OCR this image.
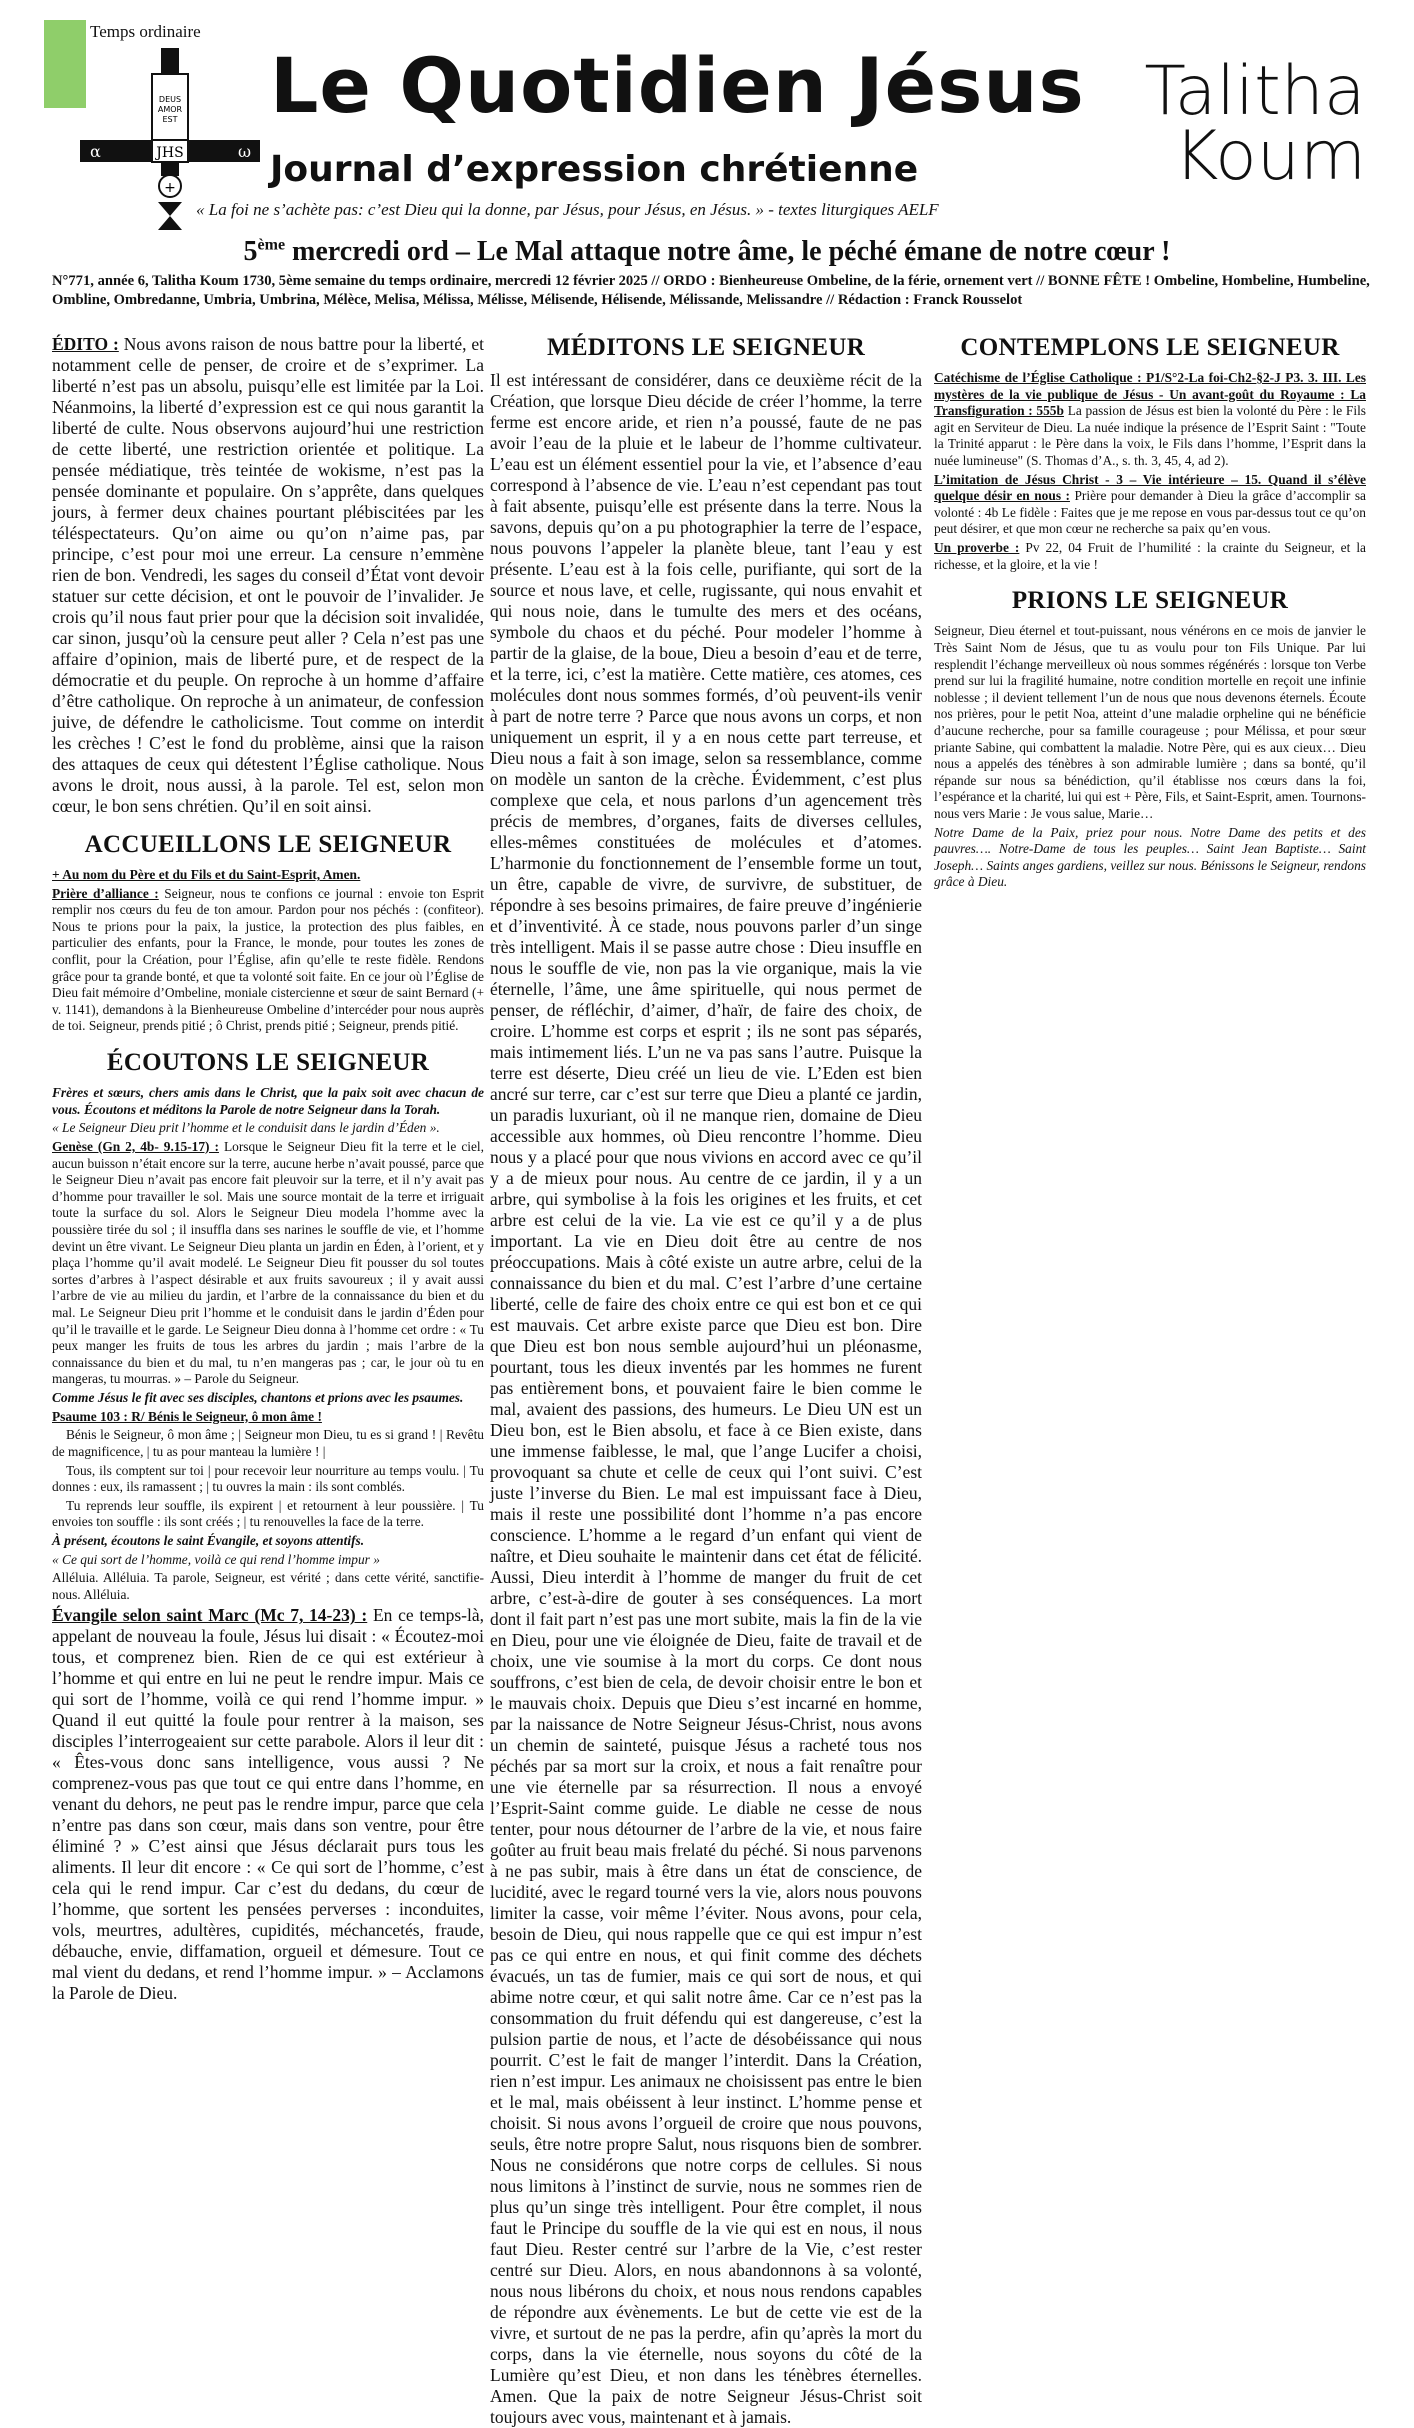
Temps ordinaire
DEUS
AMOR
EST
α	JHS	ω
+
Le Quotidien Jésus
Journal d’expression chrétienne
« La foi ne s’achète pas: c’est Dieu qui la donne, par Jésus, pour Jésus, en Jésus. » - textes liturgiques AELF
Talitha
Koum
5ème mercredi ord – Le Mal attaque notre âme, le péché émane de notre cœur !
N°771, année 6, Talitha Koum 1730, 5ème semaine du temps ordinaire, mercredi 12 février 2025 // ORDO : Bienheureuse Ombeline, de la férie, ornement vert // BONNE FÊTE ! Ombeline, Hombeline, Humbeline, Ombline, Ombredanne, Umbria, Umbrina, Mélèce, Melisa, Mélissa, Mélisse, Mélisende, Hélisende, Mélissande, Melissandre // Rédaction : Franck Rousselot

ÉDITO : Nous avons raison de nous battre pour la liberté, et notamment celle de penser, de croire et de s’exprimer. La liberté n’est pas un absolu, puisqu’elle est limitée par la Loi. Néanmoins, la liberté d’expression est ce qui nous garantit la liberté de culte. Nous observons aujourd’hui une restriction de cette liberté, une restriction orientée et politique. La pensée médiatique, très teintée de wokisme, n’est pas la pensée dominante et populaire. On s’apprête, dans quelques jours, à fermer deux chaines pourtant plébiscitées par les téléspectateurs. Qu’on aime ou qu’on n’aime pas, par principe, c’est pour moi une erreur. La censure n’emmène rien de bon. Vendredi, les sages du conseil d’État vont devoir statuer sur cette décision, et ont le pouvoir de l’invalider. Je crois qu’il nous faut prier pour que la décision soit invalidée, car sinon, jusqu’où la censure peut aller ? Cela n’est pas une affaire d’opinion, mais de liberté pure, et de respect de la démocratie et du peuple. On reproche à un homme d’affaire d’être catholique. On reproche à un animateur, de confession juive, de défendre le catholicisme. Tout comme on interdit les crèches ! C’est le fond du problème, ainsi que la raison des attaques de ceux qui détestent l’Église catholique. Nous avons le droit, nous aussi, à la parole. Tel est, selon mon cœur, le bon sens chrétien. Qu’il en soit ainsi.

ACCUEILLONS LE SEIGNEUR

+ Au nom du Père et du Fils et du Saint-Esprit, Amen.

Prière d’alliance : Seigneur, nous te confions ce journal : envoie ton Esprit remplir nos cœurs du feu de ton amour. Pardon pour nos péchés : (confiteor). Nous te prions pour la paix, la justice, la protection des plus faibles, en particulier des enfants, pour la France, le monde, pour toutes les zones de conflit, pour la Création, pour l’Église, afin qu’elle te reste fidèle. Rendons grâce pour ta grande bonté, et que ta volonté soit faite. En ce jour où l’Église de Dieu fait mémoire d’Ombeline, moniale cistercienne et sœur de saint Bernard (+ v. 1141), demandons à la Bienheureuse Ombeline d’intercéder pour nous auprès de toi. Seigneur, prends pitié ; ô Christ, prends pitié ; Seigneur, prends pitié.

ÉCOUTONS LE SEIGNEUR

Frères et sœurs, chers amis dans le Christ, que la paix soit avec chacun de vous. Écoutons et méditons la Parole de notre Seigneur dans la Torah.

« Le Seigneur Dieu prit l’homme et le conduisit dans le jardin d’Éden ».

Genèse (Gn 2, 4b- 9.15-17) : Lorsque le Seigneur Dieu fit la terre et le ciel, aucun buisson n’était encore sur la terre, aucune herbe n’avait poussé, parce que le Seigneur Dieu n’avait pas encore fait pleuvoir sur la terre, et il n’y avait pas d’homme pour travailler le sol. Mais une source montait de la terre et irriguait toute la surface du sol. Alors le Seigneur Dieu modela l’homme avec la poussière tirée du sol ; il insuffla dans ses narines le souffle de vie, et l’homme devint un être vivant. Le Seigneur Dieu planta un jardin en Éden, à l’orient, et y plaça l’homme qu’il avait modelé. Le Seigneur Dieu fit pousser du sol toutes sortes d’arbres à l’aspect désirable et aux fruits savoureux ; il y avait aussi l’arbre de vie au milieu du jardin, et l’arbre de la connaissance du bien et du mal. Le Seigneur Dieu prit l’homme et le conduisit dans le jardin d’Éden pour qu’il le travaille et le garde. Le Seigneur Dieu donna à l’homme cet ordre : « Tu peux manger les fruits de tous les arbres du jardin ; mais l’arbre de la connaissance du bien et du mal, tu n’en mangeras pas ; car, le jour où tu en mangeras, tu mourras. » – Parole du Seigneur.

Comme Jésus le fit avec ses disciples, chantons et prions avec les psaumes.

Psaume 103 : R/ Bénis le Seigneur, ô mon âme !

Bénis le Seigneur, ô mon âme ; | Seigneur mon Dieu, tu es si grand ! | Revêtu de magnificence, | tu as pour manteau la lumière ! |

Tous, ils comptent sur toi | pour recevoir leur nourriture au temps voulu. | Tu donnes : eux, ils ramassent ; | tu ouvres la main : ils sont comblés.

Tu reprends leur souffle, ils expirent | et retournent à leur poussière. | Tu envoies ton souffle : ils sont créés ; | tu renouvelles la face de la terre.

À présent, écoutons le saint Évangile, et soyons attentifs.

« Ce qui sort de l’homme, voilà ce qui rend l’homme impur »

Alléluia. Alléluia. Ta parole, Seigneur, est vérité ; dans cette vérité, sanctifie-nous. Alléluia.

Évangile selon saint Marc (Mc 7, 14-23) : En ce temps-là, appelant de nouveau la foule, Jésus lui disait : « Écoutez-moi tous, et comprenez bien. Rien de ce qui est extérieur à l’homme et qui entre en lui ne peut le rendre impur. Mais ce qui sort de l’homme, voilà ce qui rend l’homme impur. » Quand il eut quitté la foule pour rentrer à la maison, ses disciples l’interrogeaient sur cette parabole. Alors il leur dit : « Êtes-vous donc sans intelligence, vous aussi ? Ne comprenez-vous pas que tout ce qui entre dans l’homme, en venant du dehors, ne peut pas le rendre impur, parce que cela n’entre pas dans son cœur, mais dans son ventre, pour être éliminé ? » C’est ainsi que Jésus déclarait purs tous les aliments. Il leur dit encore : « Ce qui sort de l’homme, c’est cela qui le rend impur. Car c’est du dedans, du cœur de l’homme, que sortent les pensées perverses : inconduites, vols, meurtres, adultères, cupidités, méchancetés, fraude, débauche, envie, diffamation, orgueil et démesure. Tout ce mal vient du dedans, et rend l’homme impur. » – Acclamons la Parole de Dieu.

MÉDITONS LE SEIGNEUR

Il est intéressant de considérer, dans ce deuxième récit de la Création, que lorsque Dieu décide de créer l’homme, la terre ferme est encore aride, et rien n’a poussé, faute de ne pas avoir l’eau de la pluie et le labeur de l’homme cultivateur. L’eau est un élément essentiel pour la vie, et l’absence d’eau correspond à l’absence de vie. L’eau n’est cependant pas tout à fait absente, puisqu’elle est présente dans la terre. Nous la savons, depuis qu’on a pu photographier la terre de l’espace, nous pouvons l’appeler la planète bleue, tant l’eau y est présente. L’eau est à la fois celle, purifiante, qui sort de la source et nous lave, et celle, rugissante, qui nous envahit et qui nous noie, dans le tumulte des mers et des océans, symbole du chaos et du péché. Pour modeler l’homme à partir de la glaise, de la boue, Dieu a besoin d’eau et de terre, et la terre, ici, c’est la matière. Cette matière, ces atomes, ces molécules dont nous sommes formés, d’où peuvent-ils venir à part de notre terre ? Parce que nous avons un corps, et non uniquement un esprit, il y a en nous cette part terreuse, et Dieu nous a fait à son image, selon sa ressemblance, comme on modèle un santon de la crèche. Évidemment, c’est plus complexe que cela, et nous parlons d’un agencement très précis de membres, d’organes, faits de diverses cellules, elles-mêmes constituées de molécules et d’atomes. L’harmonie du fonctionnement de l’ensemble forme un tout, un être, capable de vivre, de survivre, de substituer, de répondre à ses besoins primaires, de faire preuve d’ingénierie et d’inventivité. À ce stade, nous pouvons parler d’un singe très intelligent. Mais il se passe autre chose : Dieu insuffle en nous le souffle de vie, non pas la vie organique, mais la vie éternelle, l’âme, une âme spirituelle, qui nous permet de penser, de réfléchir, d’aimer, d’haïr, de faire des choix, de croire. L’homme est corps et esprit ; ils ne sont pas séparés, mais intimement liés. L’un ne va pas sans l’autre. Puisque la terre est déserte, Dieu créé un lieu de vie. L’Eden est bien ancré sur terre, car c’est sur terre que Dieu a planté ce jardin, un paradis luxuriant, où il ne manque rien, domaine de Dieu accessible aux hommes, où Dieu rencontre l’homme. Dieu nous y a placé pour que nous vivions en accord avec ce qu’il y a de mieux pour nous. Au centre de ce jardin, il y a un arbre, qui symbolise à la fois les origines et les fruits, et cet arbre est celui de la vie. La vie est ce qu’il y a de plus important. La vie en Dieu doit être au centre de nos préoccupations. Mais à côté existe un autre arbre, celui de la connaissance du bien et du mal. C’est l’arbre d’une certaine liberté, celle de faire des choix entre ce qui est bon et ce qui est mauvais. Cet arbre existe parce que Dieu est bon. Dire que Dieu est bon nous semble aujourd’hui un pléonasme, pourtant, tous les dieux inventés par les hommes ne furent pas entièrement bons, et pouvaient faire le bien comme le mal, avaient des passions, des humeurs. Le Dieu UN est un Dieu bon, est le Bien absolu, et face à ce Bien existe, dans une immense faiblesse, le mal, que l’ange Lucifer a choisi, provoquant sa chute et celle de ceux qui l’ont suivi. C’est juste l’inverse du Bien. Le mal est impuissant face à Dieu, mais il reste une possibilité dont l’homme n’a pas encore conscience. L’homme a le regard d’un enfant qui vient de naître, et Dieu souhaite le maintenir dans cet état de félicité. Aussi, Dieu interdit à l’homme de manger du fruit de cet arbre, c’est-à-dire de gouter à ses conséquences. La mort dont il fait part n’est pas une mort subite, mais la fin de la vie en Dieu, pour une vie éloignée de Dieu, faite de travail et de choix, une vie soumise à la mort du corps. Ce dont nous souffrons, c’est bien de cela, de devoir choisir entre le bon et le mauvais choix. Depuis que Dieu s’est incarné en homme, par la naissance de Notre Seigneur Jésus-Christ, nous avons un chemin de sainteté, puisque Jésus a racheté tous nos péchés par sa mort sur la croix, et nous a fait renaître pour une vie éternelle par sa résurrection. Il nous a envoyé l’Esprit-Saint comme guide. Le diable ne cesse de nous tenter, pour nous détourner de l’arbre de la vie, et nous faire goûter au fruit beau mais frelaté du péché. Si nous parvenons à ne pas subir, mais à être dans un état de conscience, de lucidité, avec le regard tourné vers la vie, alors nous pouvons limiter la casse, voir même l’éviter. Nous avons, pour cela, besoin de Dieu, qui nous rappelle que ce qui est impur n’est pas ce qui entre en nous, et qui finit comme des déchets évacués, un tas de fumier, mais ce qui sort de nous, et qui abime notre cœur, et qui salit notre âme. Car ce n’est pas la consommation du fruit défendu qui est dangereuse, c’est la pulsion partie de nous, et l’acte de désobéissance qui nous pourrit. C’est le fait de manger l’interdit. Dans la Création, rien n’est impur. Les animaux ne choisissent pas entre le bien et le mal, mais obéissent à leur instinct. L’homme pense et choisit. Si nous avons l’orgueil de croire que nous pouvons, seuls, être notre propre Salut, nous risquons bien de sombrer. Nous ne considérons que notre corps de cellules. Si nous nous limitons à l’instinct de survie, nous ne sommes rien de plus qu’un singe très intelligent. Pour être complet, il nous faut le Principe du souffle de la vie qui est en nous, il nous faut Dieu. Rester centré sur l’arbre de la Vie, c’est rester centré sur Dieu. Alors, en nous abandonnons à sa volonté, nous nous libérons du choix, et nous nous rendons capables de répondre aux évènements. Le but de cette vie est de la vivre, et surtout de ne pas la perdre, afin qu’après la mort du corps, dans la vie éternelle, nous soyons du côté de la Lumière qu’est Dieu, et non dans les ténèbres éternelles. Amen. Que la paix de notre Seigneur Jésus-Christ soit toujours avec vous, maintenant et à jamais.

CONTEMPLONS LE SEIGNEUR

Catéchisme de l’Église Catholique : P1/S°2-La foi-Ch2-§2-J P3. 3. III. Les mystères de la vie publique de Jésus - Un avant-goût du Royaume : La Transfiguration : 555b La passion de Jésus est bien la volonté du Père : le Fils agit en Serviteur de Dieu. La nuée indique la présence de l’Esprit Saint : "Toute la Trinité apparut : le Père dans la voix, le Fils dans l’homme, l’Esprit dans la nuée lumineuse" (S. Thomas d’A., s. th. 3, 45, 4, ad 2).

L’imitation de Jésus Christ - 3 – Vie intérieure – 15. Quand il s’élève quelque désir en nous : Prière pour demander à Dieu la grâce d’accomplir sa volonté : 4b Le fidèle : Faites que je me repose en vous par-dessus tout ce qu’on peut désirer, et que mon cœur ne recherche sa paix qu’en vous.

Un proverbe : Pv 22, 04 Fruit de l’humilité : la crainte du Seigneur, et la richesse, et la gloire, et la vie !

PRIONS LE SEIGNEUR

Seigneur, Dieu éternel et tout-puissant, nous vénérons en ce mois de janvier le Très Saint Nom de Jésus, que tu as voulu pour ton Fils Unique. Par lui resplendit l’échange merveilleux où nous sommes régénérés : lorsque ton Verbe prend sur lui la fragilité humaine, notre condition mortelle en reçoit une infinie noblesse ; il devient tellement l’un de nous que nous devenons éternels. Écoute nos prières, pour le petit Noa, atteint d’une maladie orpheline qui ne bénéficie d’aucune recherche, pour sa famille courageuse ; pour Mélissa, et pour sœur priante Sabine, qui combattent la maladie. Notre Père, qui es aux cieux… Dieu nous a appelés des ténèbres à son admirable lumière ; dans sa bonté, qu’il répande sur nous sa bénédiction, qu’il établisse nos cœurs dans la foi, l’espérance et la charité, lui qui est + Père, Fils, et Saint-Esprit, amen. Tournons-nous vers Marie : Je vous salue, Marie…

Notre Dame de la Paix, priez pour nous. Notre Dame des petits et des pauvres…. Notre-Dame de tous les peuples… Saint Jean Baptiste… Saint Joseph… Saints anges gardiens, veillez sur nous. Bénissons le Seigneur, rendons grâce à Dieu.
